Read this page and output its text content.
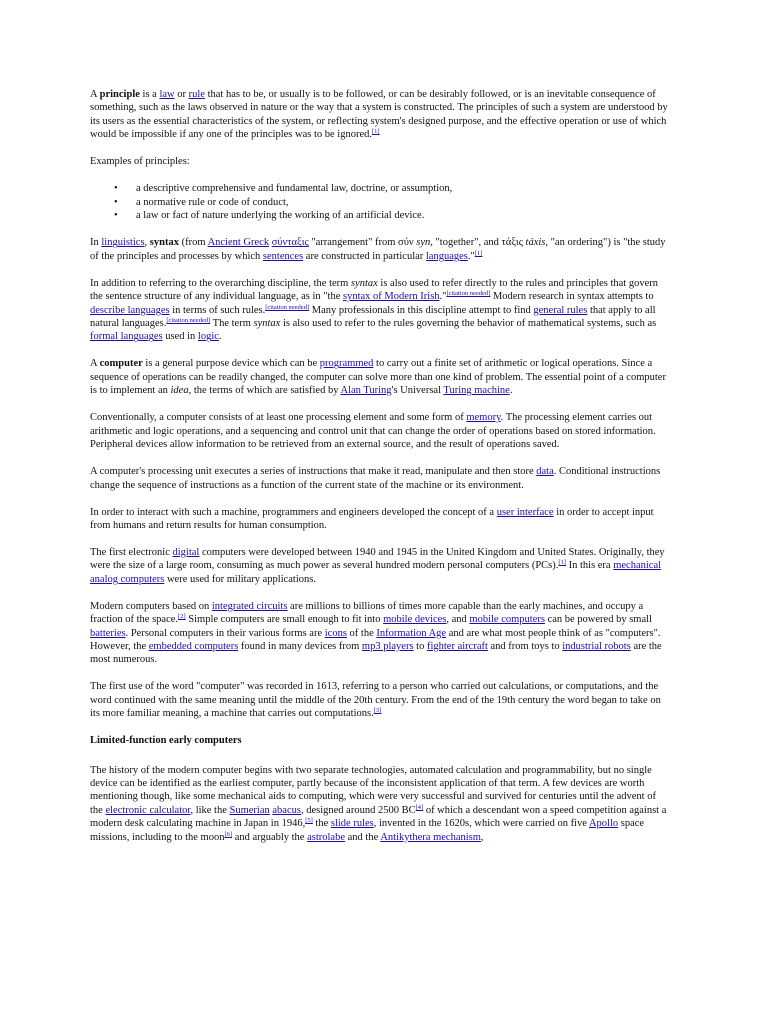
A principle is a law or rule that has to be, or usually is to be followed, or can be desirably followed, or is an inevitable consequence of something, such as the laws observed in nature or the way that a system is constructed. The principles of such a system are understood by its users as the essential characteristics of the system, or reflecting system's designed purpose, and the effective operation or use of which would be impossible if any one of the principles was to be ignored.[1]

Examples of principles:

• a descriptive comprehensive and fundamental law, doctrine, or assumption,
• a normative rule or code of conduct,
• a law or fact of nature underlying the working of an artificial device.

In linguistics, syntax (from Ancient Greck σύνταξις "arrangement" from σύν syn, "together", and τάξις táxis, "an ordering") is "the study of the principles and processes by which sentences are constructed in particular languages."[1]

In addition to referring to the overarching discipline, the term syntax is also used to refer directly to the rules and principles that govern the sentence structure of any individual language, as in "the syntax of Modern Irish."[citation needed] Modern research in syntax attempts to describe languages in terms of such rules.[citation needed] Many professionals in this discipline attempt to find general rules that apply to all natural languages.[citation needed] The term syntax is also used to refer to the rules governing the behavior of mathematical systems, such as formal languages used in logic.

A computer is a general purpose device which can be programmed to carry out a finite set of arithmetic or logical operations. Since a sequence of operations can be readily changed, the computer can solve more than one kind of problem. The essential point of a computer is to implement an idea, the terms of which are satisfied by Alan Turing's Universal Turing machine.

Conventionally, a computer consists of at least one processing element and some form of memory. The processing element carries out arithmetic and logic operations, and a sequencing and control unit that can change the order of operations based on stored information. Peripheral devices allow information to be retrieved from an external source, and the result of operations saved.

A computer's processing unit executes a series of instructions that make it read, manipulate and then store data. Conditional instructions change the sequence of instructions as a function of the current state of the machine or its environment.

In order to interact with such a machine, programmers and engineers developed the concept of a user interface in order to accept input from humans and return results for human consumption.

The first electronic digital computers were developed between 1940 and 1945 in the United Kingdom and United States. Originally, they were the size of a large room, consuming as much power as several hundred modern personal computers (PCs).[1] In this era mechanical analog computers were used for military applications.

Modern computers based on integrated circuits are millions to billions of times more capable than the early machines, and occupy a fraction of the space.[2] Simple computers are small enough to fit into mobile devices, and mobile computers can be powered by small batteries. Personal computers in their various forms are icons of the Information Age and are what most people think of as "computers". However, the embedded computers found in many devices from mp3 players to fighter aircraft and from toys to industrial robots are the most numerous.

The first use of the word "computer" was recorded in 1613, referring to a person who carried out calculations, or computations, and the word continued with the same meaning until the middle of the 20th century. From the end of the 19th century the word began to take on its more familiar meaning, a machine that carries out computations.[3]

Limited-function early computers

The history of the modern computer begins with two separate technologies, automated calculation and programmability, but no single device can be identified as the earliest computer, partly because of the inconsistent application of that term. A few devices are worth mentioning though, like some mechanical aids to computing, which were very successful and survived for centuries until the advent of the electronic calculator, like the Sumerian abacus, designed around 2500 BC[4] of which a descendant won a speed competition against a modern desk calculating machine in Japan in 1946,[5] the slide rules, invented in the 1620s, which were carried on five Apollo space missions, including to the moon[6] and arguably the astrolabe and the Antikythera mechanism,
